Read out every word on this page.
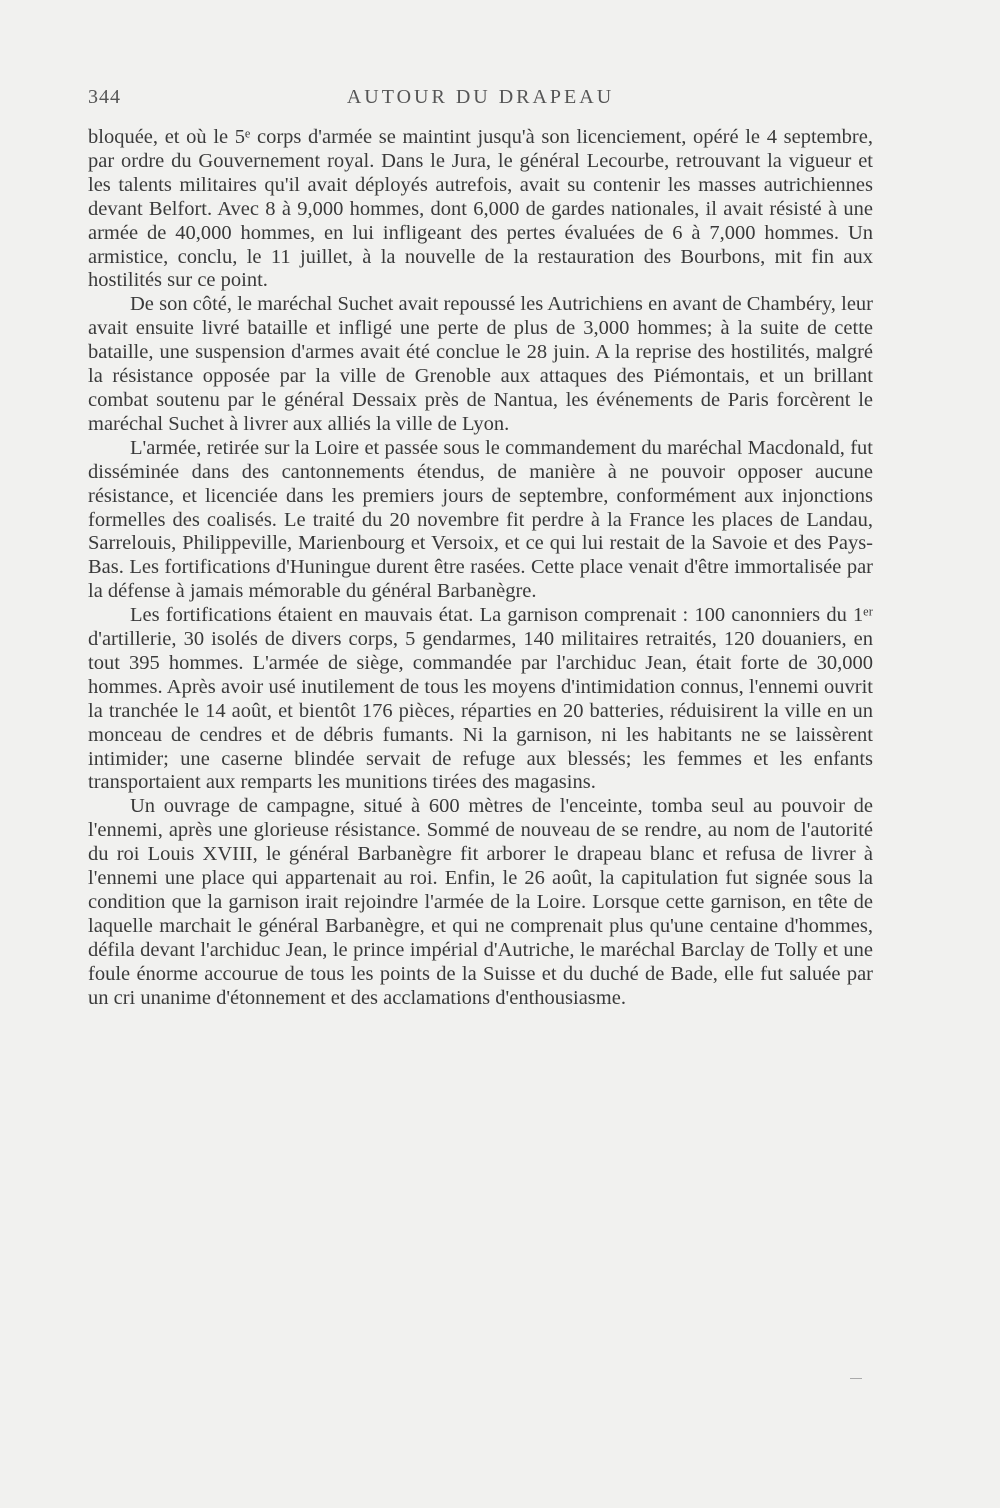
344	AUTOUR DU DRAPEAU

bloquée, et où le 5ᵉ corps d'armée se maintint jusqu'à son licenciement, opéré le 4 septembre, par ordre du Gouvernement royal. Dans le Jura, le général Lecourbe, retrouvant la vigueur et les talents militaires qu'il avait déployés autrefois, avait su contenir les masses autrichiennes devant Belfort. Avec 8 à 9,000 hommes, dont 6,000 de gardes nationales, il avait résisté à une armée de 40,000 hommes, en lui infligeant des pertes évaluées de 6 à 7,000 hommes. Un armistice, conclu, le 11 juillet, à la nouvelle de la restauration des Bourbons, mit fin aux hostilités sur ce point.

De son côté, le maréchal Suchet avait repoussé les Autrichiens en avant de Chambéry, leur avait ensuite livré bataille et infligé une perte de plus de 3,000 hommes; à la suite de cette bataille, une suspension d'armes avait été conclue le 28 juin. A la reprise des hostilités, malgré la résistance opposée par la ville de Grenoble aux attaques des Piémontais, et un brillant combat soutenu par le général Dessaix près de Nantua, les événements de Paris forcèrent le maréchal Suchet à livrer aux alliés la ville de Lyon.

L'armée, retirée sur la Loire et passée sous le commandement du maréchal Macdonald, fut disséminée dans des cantonnements étendus, de manière à ne pouvoir opposer aucune résistance, et licenciée dans les premiers jours de septembre, conformément aux injonctions formelles des coalisés. Le traité du 20 novembre fit perdre à la France les places de Landau, Sarrelouis, Philippeville, Marienbourg et Versoix, et ce qui lui restait de la Savoie et des Pays-Bas. Les fortifications d'Huningue durent être rasées. Cette place venait d'être immortalisée par la défense à jamais mémorable du général Barbanègre.

Les fortifications étaient en mauvais état. La garnison comprenait : 100 canonniers du 1ᵉʳ d'artillerie, 30 isolés de divers corps, 5 gendarmes, 140 militaires retraités, 120 douaniers, en tout 395 hommes. L'armée de siège, commandée par l'archiduc Jean, était forte de 30,000 hommes. Après avoir usé inutilement de tous les moyens d'intimidation connus, l'ennemi ouvrit la tranchée le 14 août, et bientôt 176 pièces, réparties en 20 batteries, réduisirent la ville en un monceau de cendres et de débris fumants. Ni la garnison, ni les habitants ne se laissèrent intimider; une caserne blindée servait de refuge aux blessés; les femmes et les enfants transportaient aux remparts les munitions tirées des magasins.

Un ouvrage de campagne, situé à 600 mètres de l'enceinte, tomba seul au pouvoir de l'ennemi, après une glorieuse résistance. Sommé de nouveau de se rendre, au nom de l'autorité du roi Louis XVIII, le général Barbanègre fit arborer le drapeau blanc et refusa de livrer à l'ennemi une place qui appartenait au roi. Enfin, le 26 août, la capitulation fut signée sous la condition que la garnison irait rejoindre l'armée de la Loire. Lorsque cette garnison, en tête de laquelle marchait le général Barbanègre, et qui ne comprenait plus qu'une centaine d'hommes, défila devant l'archiduc Jean, le prince impérial d'Autriche, le maréchal Barclay de Tolly et une foule énorme accourue de tous les points de la Suisse et du duché de Bade, elle fut saluée par un cri unanime d'étonnement et des acclamations d'enthousiasme.
